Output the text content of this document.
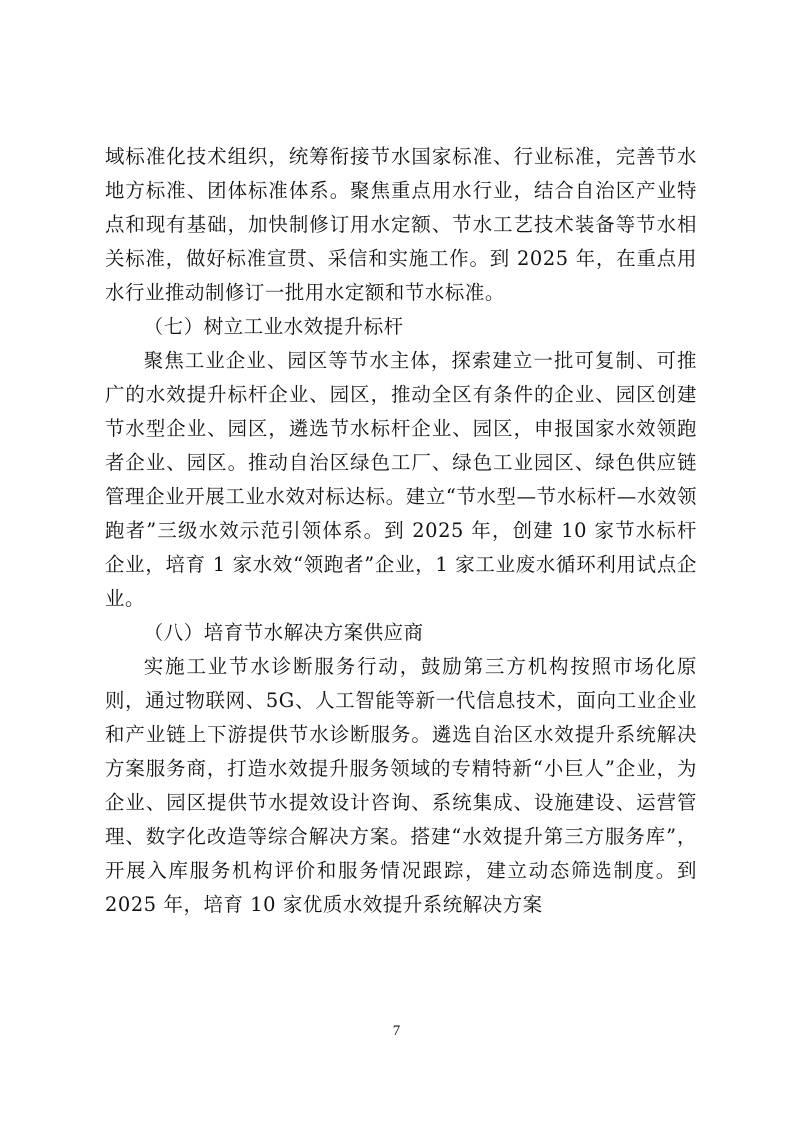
域标准化技术组织，统筹衔接节水国家标准、行业标准，完善节水地方标准、团体标准体系。聚焦重点用水行业，结合自治区产业特点和现有基础，加快制修订用水定额、节水工艺技术装备等节水相关标准，做好标准宣贯、采信和实施工作。到 2025 年，在重点用水行业推动制修订一批用水定额和节水标准。

（七）树立工业水效提升标杆

聚焦工业企业、园区等节水主体，探索建立一批可复制、可推广的水效提升标杆企业、园区，推动全区有条件的企业、园区创建节水型企业、园区，遴选节水标杆企业、园区，申报国家水效领跑者企业、园区。推动自治区绿色工厂、绿色工业园区、绿色供应链管理企业开展工业水效对标达标。建立“节水型—节水标杆—水效领跑者”三级水效示范引领体系。到 2025 年，创建 10 家节水标杆企业，培育 1 家水效“领跑者”企业，1 家工业废水循环利用试点企业。

（八）培育节水解决方案供应商

实施工业节水诊断服务行动，鼓励第三方机构按照市场化原则，通过物联网、5G、人工智能等新一代信息技术，面向工业企业和产业链上下游提供节水诊断服务。遴选自治区水效提升系统解决方案服务商，打造水效提升服务领域的专精特新“小巨人”企业，为企业、园区提供节水提效设计咨询、系统集成、设施建设、运营管理、数字化改造等综合解决方案。搭建“水效提升第三方服务库”，开展入库服务机构评价和服务情况跟踪，建立动态筛选制度。到 2025 年，培育 10 家优质水效提升系统解决方案

7
